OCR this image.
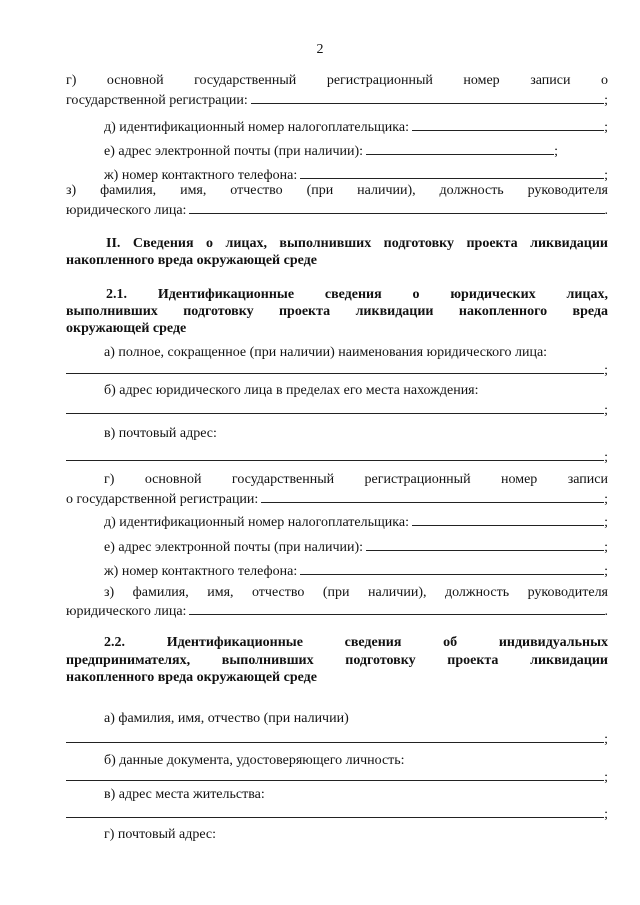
2
г) основной государственный регистрационный номер записи о
государственной регистрации:	;
д) идентификационный номер налогоплательщика:	;
е) адрес электронной почты (при наличии):	;
ж) номер контактного телефона:	;
з) фамилия, имя, отчество (при наличии), должность руководителя
юридического лица:	.
II. Сведения о лицах, выполнивших подготовку проекта ликвидации
накопленного вреда окружающей среде
2.1. Идентификационные сведения о юридических лицах,
выполнивших подготовку проекта ликвидации накопленного вреда
окружающей среде
а) полное, сокращенное (при наличии) наименования юридического лица:
;
б) адрес юридического лица в пределах его места нахождения:
;
в) почтовый адрес:
;
г) основной государственный регистрационный номер записи
о государственной регистрации:	;
д) идентификационный номер налогоплательщика:	;
е) адрес электронной почты (при наличии):	;
ж) номер контактного телефона:	;
з) фамилия, имя, отчество (при наличии), должность руководителя
юридического лица:	.
2.2. Идентификационные сведения об индивидуальных
предпринимателях, выполнивших подготовку проекта ликвидации
накопленного вреда окружающей среде
а) фамилия, имя, отчество (при наличии)
;
б) данные документа, удостоверяющего личность:
;
в) адрес места жительства:
;
г) почтовый адрес:
